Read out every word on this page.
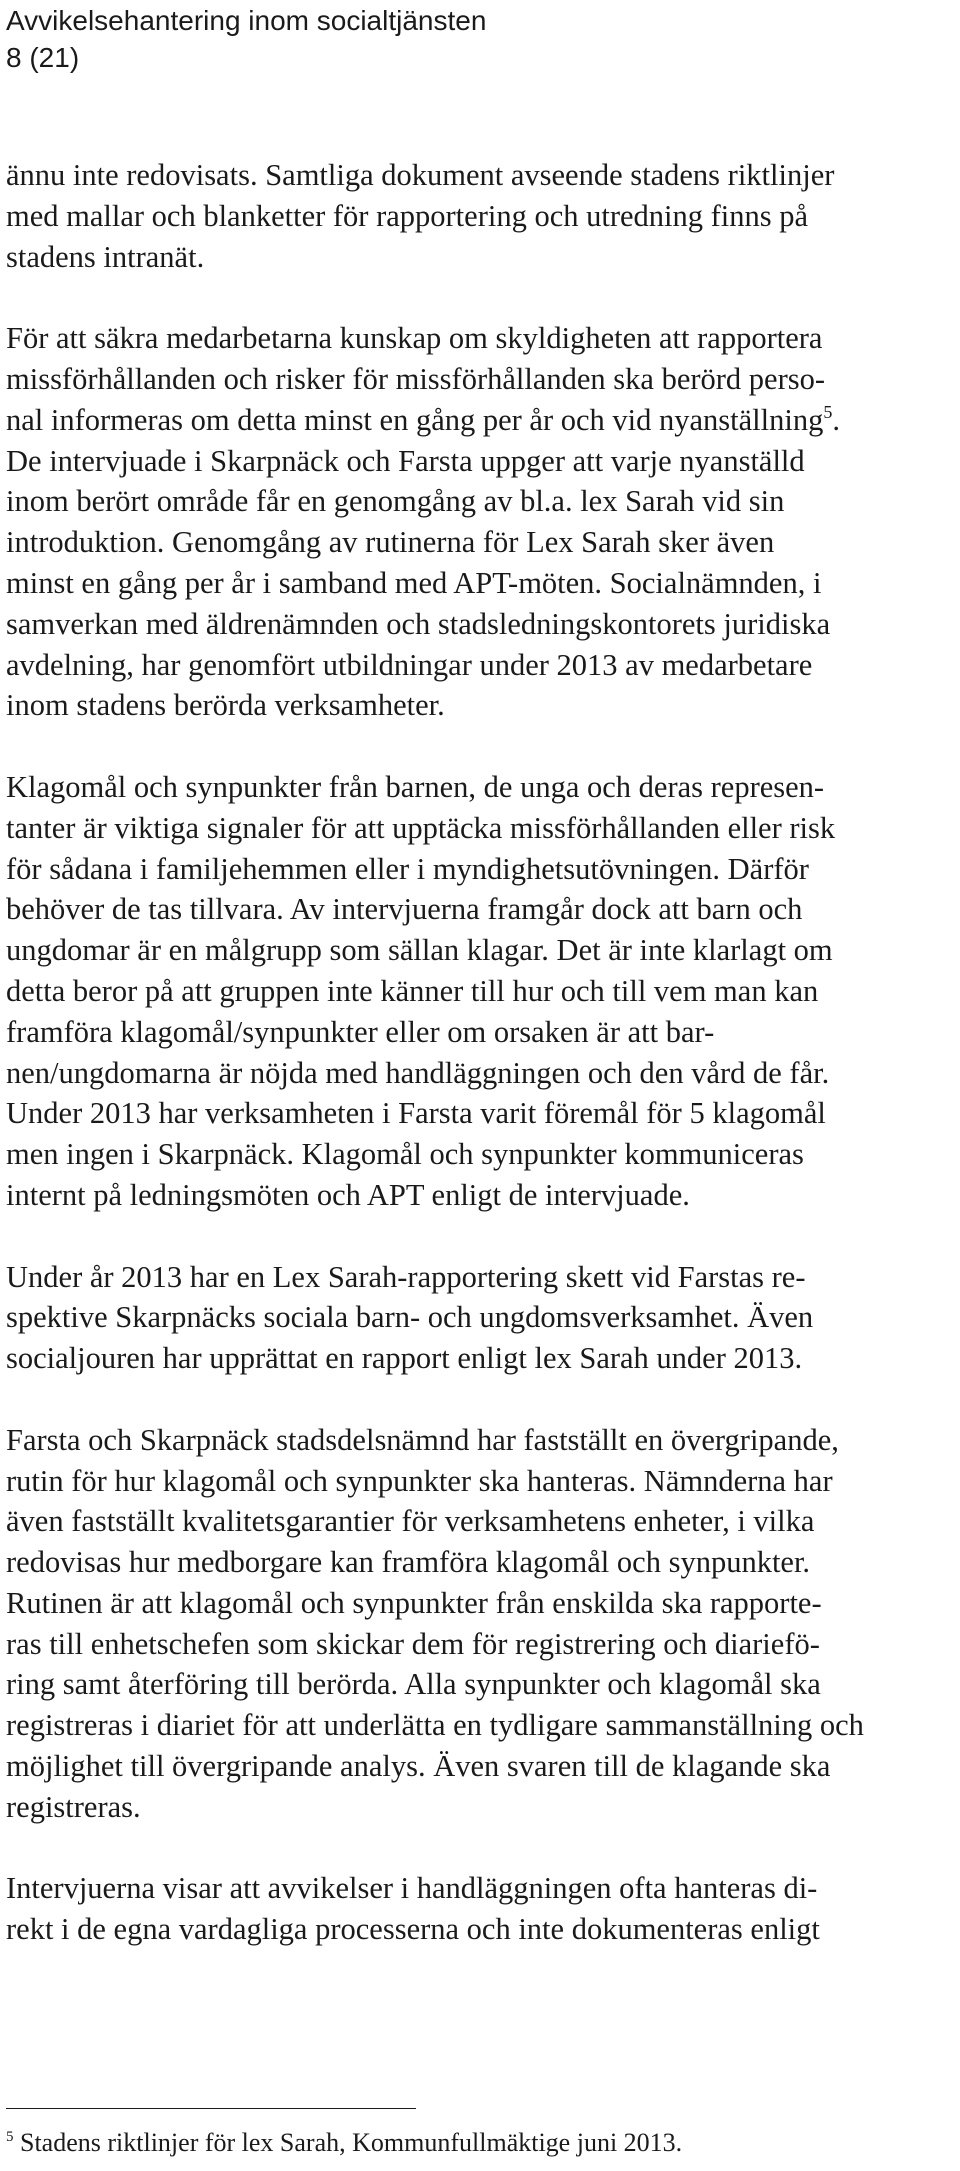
Avvikelsehantering inom socialtjänsten
8 (21)
ännu inte redovisats. Samtliga dokument avseende stadens riktlinjer
med mallar och blanketter för rapportering och utredning finns på
stadens intranät.
För att säkra medarbetarna kunskap om skyldigheten att rapportera
missförhållanden och risker för missförhållanden ska berörd perso-
nal informeras om detta minst en gång per år och vid nyanställning$^5$.
De intervjuade i Skarpnäck och Farsta uppger att varje nyanställd
inom berört område får en genomgång av bl.a. lex Sarah vid sin
introduktion. Genomgång av rutinerna för Lex Sarah sker även
minst en gång per år i samband med APT-möten. Socialnämnden, i
samverkan med äldrenämnden och stadsledningskontorets juridiska
avdelning, har genomfört utbildningar under 2013 av medarbetare
inom stadens berörda verksamheter.
Klagomål och synpunkter från barnen, de unga och deras represen-
tanter är viktiga signaler för att upptäcka missförhållanden eller risk
för sådana i familjehemmen eller i myndighetsutövningen. Därför
behöver de tas tillvara. Av intervjuerna framgår dock att barn och
ungdomar är en målgrupp som sällan klagar. Det är inte klarlagt om
detta beror på att gruppen inte känner till hur och till vem man kan
framföra klagomål/synpunkter eller om orsaken är att bar-
nen/ungdomarna är nöjda med handläggningen och den vård de får.
Under 2013 har verksamheten i Farsta varit föremål för 5 klagomål
men ingen i Skarpnäck. Klagomål och synpunkter kommuniceras
internt på ledningsmöten och APT enligt de intervjuade.
Under år 2013 har en Lex Sarah-rapportering skett vid Farstas re-
spektive Skarpnäcks sociala barn- och ungdomsverksamhet. Även
socialjouren har upprättat en rapport enligt lex Sarah under 2013.
Farsta och Skarpnäck stadsdelsnämnd har fastställt en övergripande,
rutin för hur klagomål och synpunkter ska hanteras. Nämnderna har
även fastställt kvalitetsgarantier för verksamhetens enheter, i vilka
redovisas hur medborgare kan framföra klagomål och synpunkter.
Rutinen är att klagomål och synpunkter från enskilda ska rapporte-
ras till enhetschefen som skickar dem för registrering och diariefö-
ring samt återföring till berörda. Alla synpunkter och klagomål ska
registreras i diariet för att underlätta en tydligare sammanställning och
möjlighet till övergripande analys. Även svaren till de klagande ska
registreras.
Intervjuerna visar att avvikelser i handläggningen ofta hanteras di-
rekt i de egna vardagliga processerna och inte dokumenteras enligt
$^5$ Stadens riktlinjer för lex Sarah, Kommunfullmäktige juni 2013.
